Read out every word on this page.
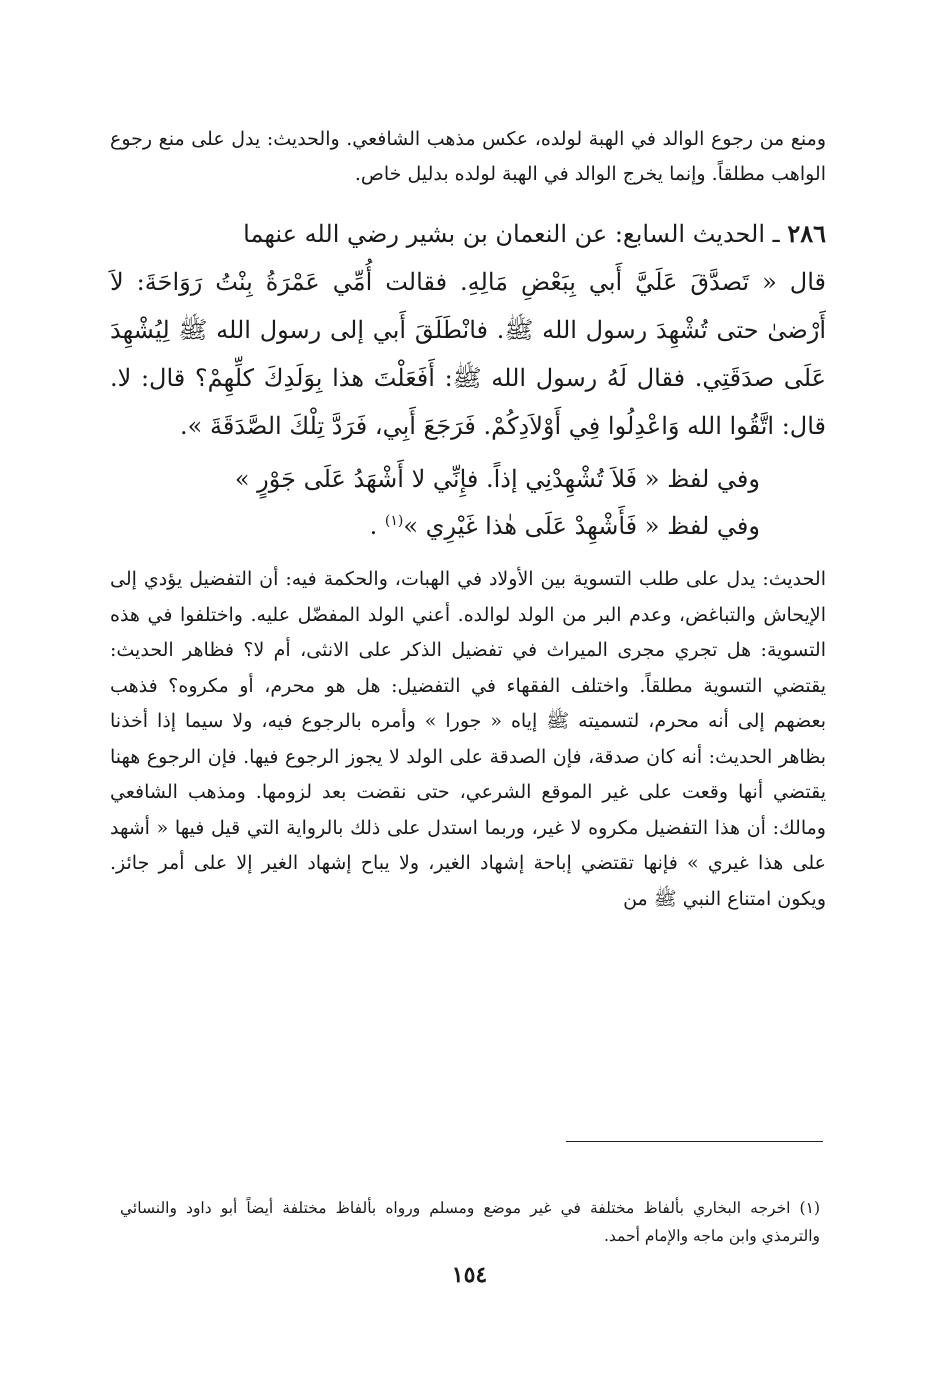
ومنع من رجوع الوالد في الهبة لولده، عكس مذهب الشافعي. والحديث: يدل على منع رجوع الواهب مطلقاً. وإنما يخرج الوالد في الهبة لولده بدليل خاص.

٢٨٦ ـ الحديث السابع: عن النعمان بن بشير رضي الله عنهما

قال « تَصدَّقَ عَلَيَّ أَبي بِبَعْضِ مَالِهِ. فقالت أُمِّي عَمْرَةُ بِنْتُ رَوَاحَةَ: لاَ أَرْضىٰ حتى تُشْهِدَ رسول الله ﷺ. فانْطَلَقَ أَبي إلى رسول الله ﷺ لِيُشْهِدَ عَلَى صدَقَتِي. فقال لَهُ رسول الله ﷺ: أَفَعَلْتَ هذا بِوَلَدِكَ كلِّهِمْ؟ قال: لا. قال: اتَّقُوا الله وَاعْدِلُوا فِي أَوْلاَدِكُمْ. فَرَجَعَ أَبِي، فَرَدَّ تِلْكَ الصَّدَقَةَ ».

وفي لفظ « فَلاَ تُشْهِدْنِي إذاً. فإِنِّي لا أَشْهَدُ عَلَى جَوْرٍ »
وفي لفظ « فَأَشْهِدْ عَلَى هٰذا غَيْرِي »$^{(١)}$ .

الحديث: يدل على طلب التسوية بين الأولاد في الهبات، والحكمة فيه: أن التفضيل يؤدي إلى الإيحاش والتباغض، وعدم البر من الولد لوالده. أعني الولد المفضّل عليه. واختلفوا في هذه التسوية: هل تجري مجرى الميراث في تفضيل الذكر على الانثى، أم لا؟ فظاهر الحديث: يقتضي التسوية مطلقاً. واختلف الفقهاء في التفضيل: هل هو محرم، أو مكروه؟ فذهب بعضهم إلى أنه محرم، لتسميته ﷺ إياه « جورا » وأمره بالرجوع فيه، ولا سيما إذا أخذنا بظاهر الحديث: أنه كان صدقة، فإن الصدقة على الولد لا يجوز الرجوع فيها. فإن الرجوع ههنا يقتضي أنها وقعت على غير الموقع الشرعي، حتى نقضت بعد لزومها. ومذهب الشافعي ومالك: أن هذا التفضيل مكروه لا غير، وربما استدل على ذلك بالرواية التي قيل فيها « أشهد على هذا غيري » فإنها تقتضي إباحة إشهاد الغير، ولا يباح إشهاد الغير إلا على أمر جائز. ويكون امتناع النبي ﷺ من

(١) اخرجه البخاري بألفاظ مختلفة في غير موضع ومسلم ورواه بألفاظ مختلفة أيضاً أبو داود والنسائي والترمذي وابن ماجه والإمام أحمد.

١٥٤
